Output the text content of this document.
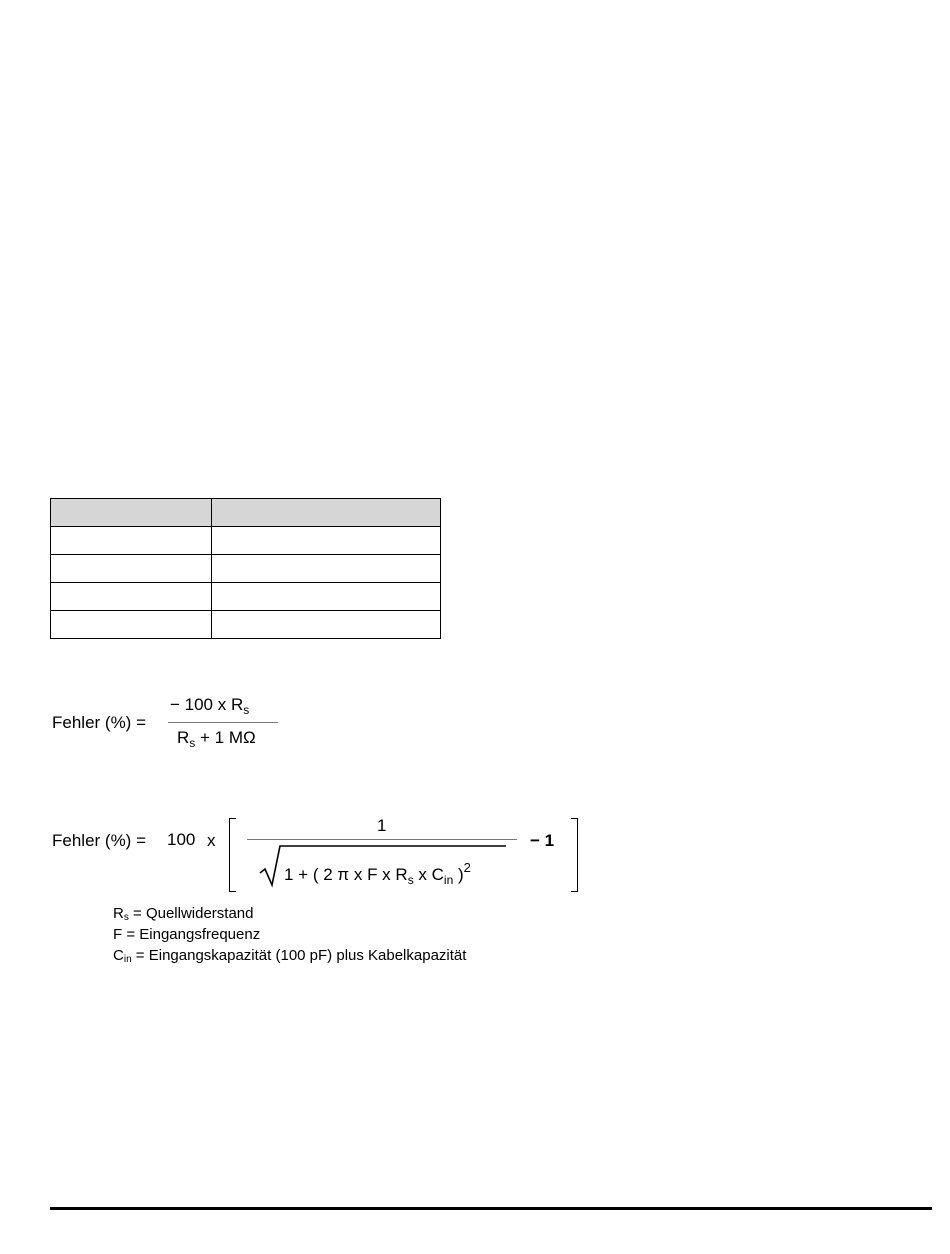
Fehler (%) =
− 100 x $R_s$
$R_s + 1$ MΩ
Fehler (%) = 100 x
1
1 + ( 2 π x F x $R_s$ x $C_{in}$ )$^2$
− 1
$R_s$ = Quellwiderstand
F = Eingangsfrequenz
$C_{in}$ = Eingangskapazität (100 pF) plus Kabelkapazität
